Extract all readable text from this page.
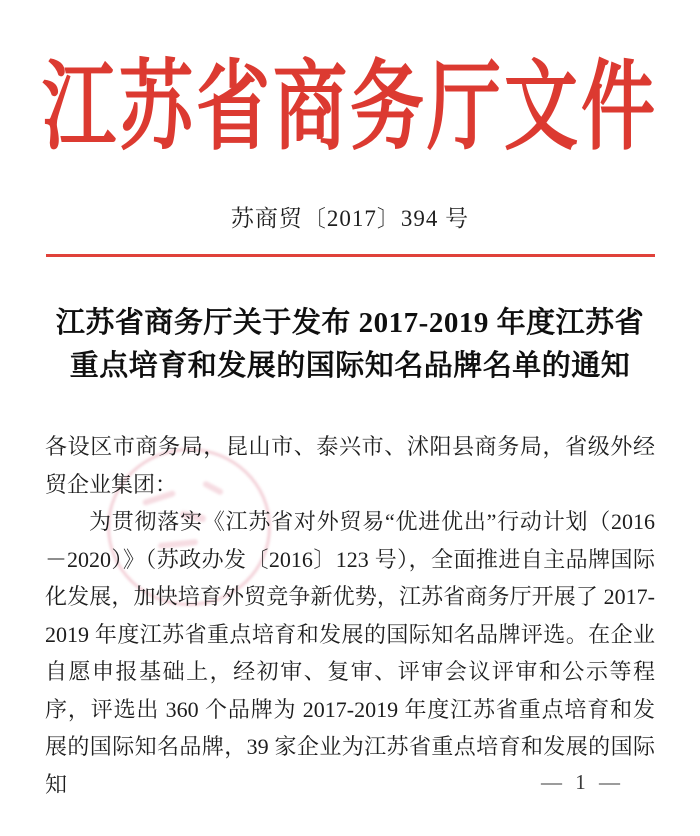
江苏省商务厅文件
苏商贸〔2017〕394 号
江苏省商务厅关于发布 2017-2019 年度江苏省
重点培育和发展的国际知名品牌名单的通知

各设区市商务局，昆山市、泰兴市、沭阳县商务局，省级外经贸企业集团：

为贯彻落实《江苏省对外贸易“优进优出”行动计划（2016－2020）》（苏政办发〔2016〕123 号），全面推进自主品牌国际化发展，加快培育外贸竞争新优势，江苏省商务厅开展了 2017-2019 年度江苏省重点培育和发展的国际知名品牌评选。在企业自愿申报基础上，经初审、复审、评审会议评审和公示等程序，评选出 360 个品牌为 2017-2019 年度江苏省重点培育和发展的国际知名品牌，39 家企业为江苏省重点培育和发展的国际知	— 1 —
